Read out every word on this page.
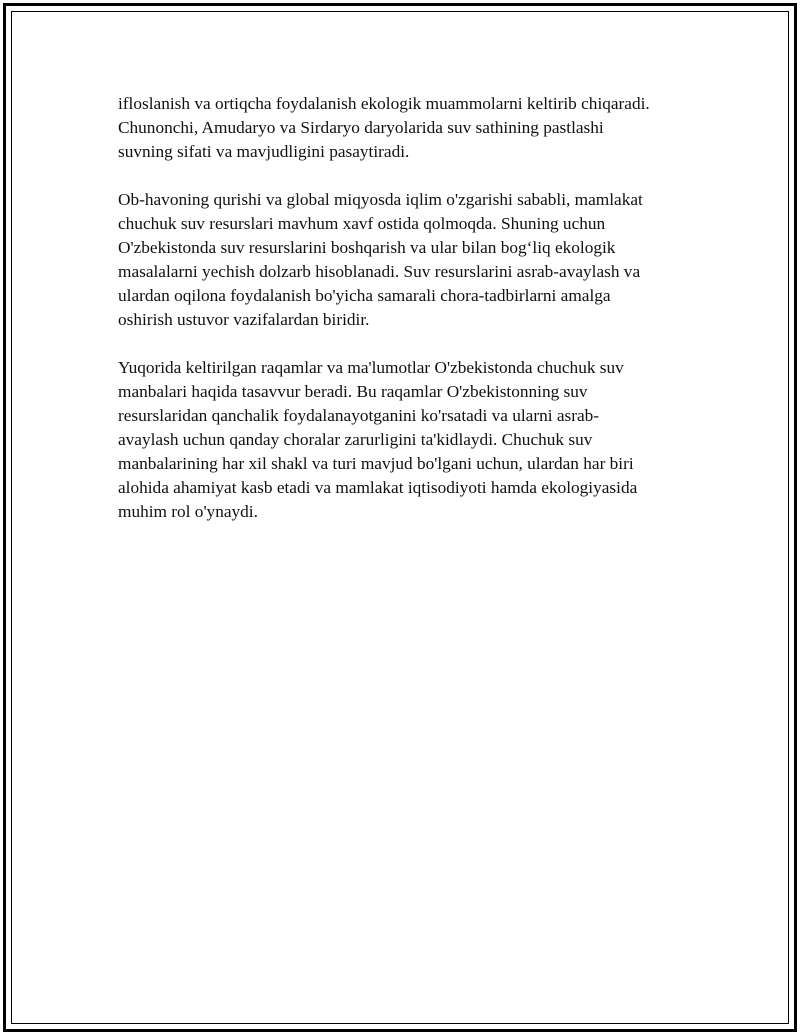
ifloslanish va ortiqcha foydalanish ekologik muammolarni keltirib chiqaradi.
Chunonchi, Amudaryo va Sirdaryo daryolarida suv sathining pastlashi
suvning sifati va mavjudligini pasaytiradi.

Ob-havoning qurishi va global miqyosda iqlim o'zgarishi sababli, mamlakat
chuchuk suv resurslari mavhum xavf ostida qolmoqda. Shuning uchun
O'zbekistonda suv resurslarini boshqarish va ular bilan bog‘liq ekologik
masalalarni yechish dolzarb hisoblanadi. Suv resurslarini asrab-avaylash va
ulardan oqilona foydalanish bo'yicha samarali chora-tadbirlarni amalga
oshirish ustuvor vazifalardan biridir.

Yuqorida keltirilgan raqamlar va ma'lumotlar O'zbekistonda chuchuk suv
manbalari haqida tasavvur beradi. Bu raqamlar O'zbekistonning suv
resurslaridan qanchalik foydalanayotganini ko'rsatadi va ularni asrab-
avaylash uchun qanday choralar zarurligini ta'kidlaydi. Chuchuk suv
manbalarining har xil shakl va turi mavjud bo'lgani uchun, ulardan har biri
alohida ahamiyat kasb etadi va mamlakat iqtisodiyoti hamda ekologiyasida
muhim rol o'ynaydi.
